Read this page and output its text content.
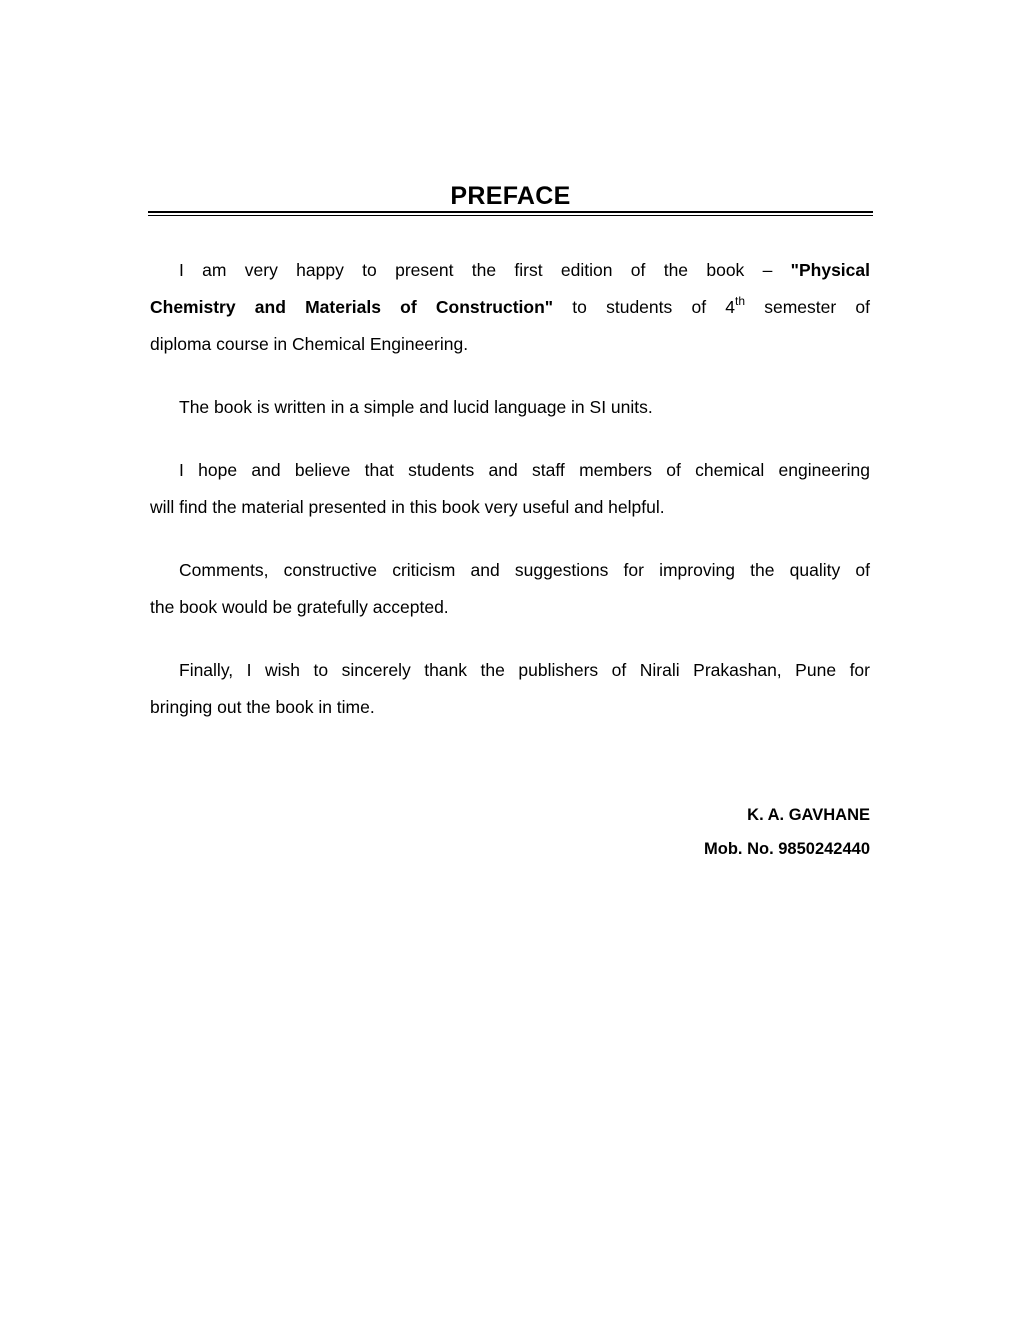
PREFACE
I am very happy to present the first edition of the book – "Physical
Chemistry and Materials of Construction" to students of 4th semester of
diploma course in Chemical Engineering.
The book is written in a simple and lucid language in SI units.
I hope and believe that students and staff members of chemical engineering
will find the material presented in this book very useful and helpful.
Comments, constructive criticism and suggestions for improving the quality of
the book would be gratefully accepted.
Finally, I wish to sincerely thank the publishers of Nirali Prakashan, Pune for
bringing out the book in time.
K. A. GAVHANE
Mob. No. 9850242440
